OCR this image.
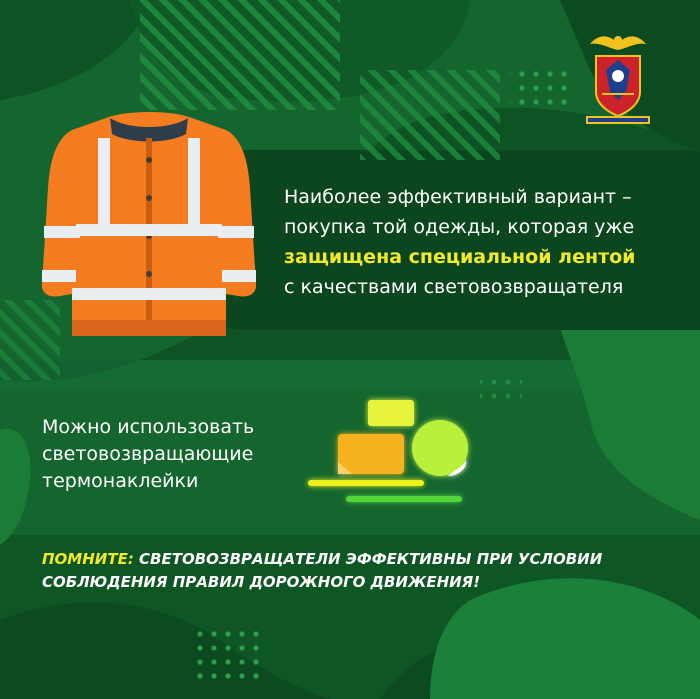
Наиболее эффективный вариант –
покупка той одежды, которая уже
защищена специальной лентой
с качествами световозвращателя
Можно использовать
световозвращающие
термонаклейки
ПОМНИТЕ: СВЕТОВОЗВРАЩАТЕЛИ ЭФФЕКТИВНЫ ПРИ УСЛОВИИ
СОБЛЮДЕНИЯ ПРАВИЛ ДОРОЖНОГО ДВИЖЕНИЯ!
